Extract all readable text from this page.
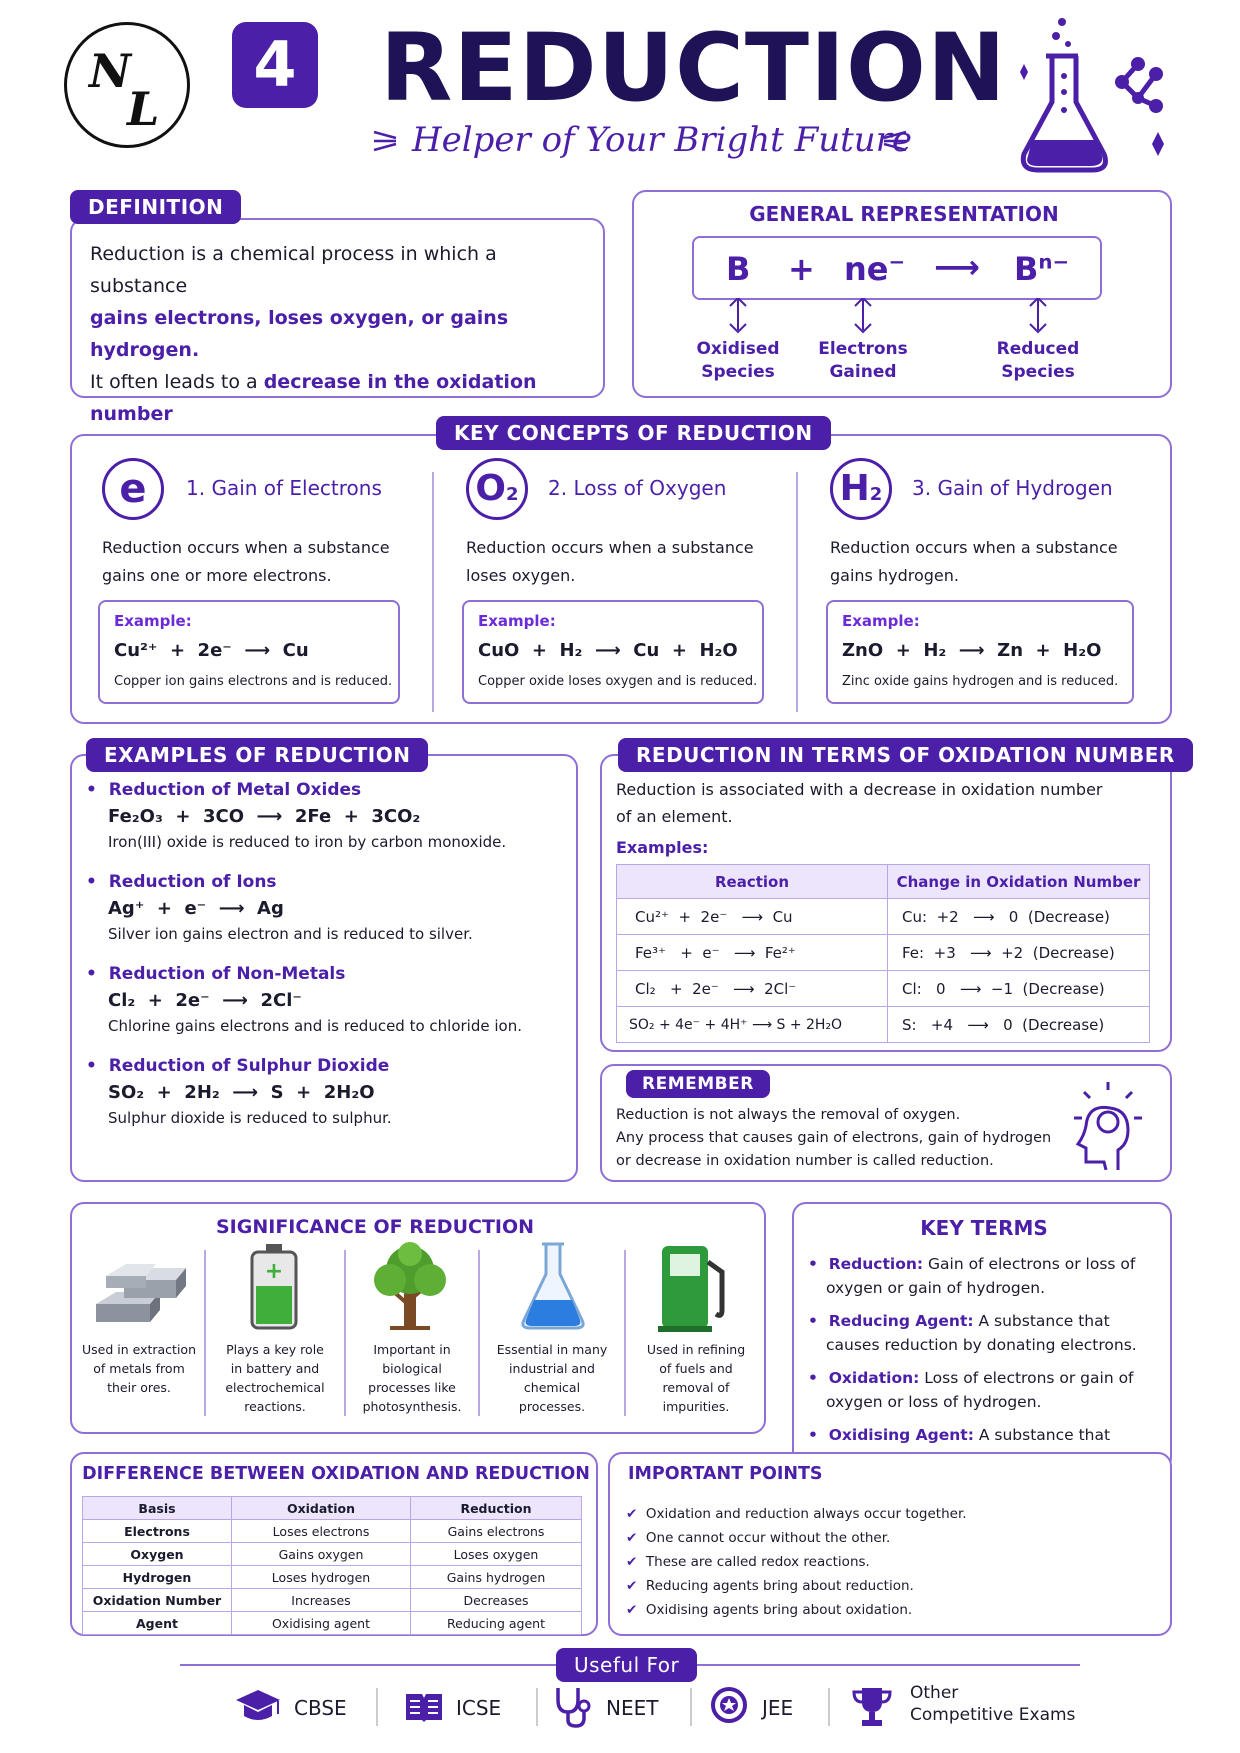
N
L
4 REDUCTION
Helper of Your Bright Future
Reduction is a chemical process in which a substance
gains electrons, loses oxygen, or gains hydrogen.
It often leads to a decrease in the oxidation number
DEFINITION	GENERAL REPRESENTATION
B + ne− ⟶ $B^{n-}$
Oxidised
Species
Electrons
Gained
Reduced
Species
KEY CONCEPTS OF REDUCTION
e	1. Gain of Electrons
Reduction occurs when a substance
gains one or more electrons.
Example:
Cu²⁺  +  2e⁻  ⟶  Cu
Copper ion gains electrons and is reduced.
O2	2. Loss of Oxygen
Reduction occurs when a substance
loses oxygen.
Example:
CuO  +  H₂  ⟶  Cu  +  H₂O
Copper oxide loses oxygen and is reduced.
H2	3. Gain of Hydrogen
Reduction occurs when a substance
gains hydrogen.
Example:
ZnO  +  H₂  ⟶  Zn  +  H₂O
Zinc oxide gains hydrogen and is reduced.
EXAMPLES OF REDUCTION
•  Reduction of Metal Oxides
Fe₂O₃  +  3CO  ⟶  2Fe  +  3CO₂
Iron(III) oxide is reduced to iron by carbon monoxide.
•  Reduction of Ions
Ag⁺  +  e⁻  ⟶  Ag
Silver ion gains electron and is reduced to silver.
•  Reduction of Non-Metals
Cl₂  +  2e⁻  ⟶  2Cl⁻
Chlorine gains electrons and is reduced to chloride ion.
•  Reduction of Sulphur Dioxide
SO₂  +  2H₂  ⟶  S  +  2H₂O
Sulphur dioxide is reduced to sulphur.
REDUCTION IN TERMS OF OXIDATION NUMBER
Reduction is associated with a decrease in oxidation number
of an element.
Examples:
Reaction	Change in Oxidation Number
Cu²⁺  +  2e⁻   ⟶  Cu	Cu:  +2   ⟶   0  (Decrease)
Fe³⁺   +  e⁻   ⟶  Fe²⁺	Fe:  +3   ⟶  +2  (Decrease)
Cl₂   +  2e⁻   ⟶  2Cl⁻	Cl:   0   ⟶  −1  (Decrease)
SO₂ + 4e⁻ + 4H⁺ ⟶ S + 2H₂O	S:   +4   ⟶   0  (Decrease)
REMEMBER
Reduction is not always the removal of oxygen.
Any process that causes gain of electrons, gain of hydrogen
or decrease in oxidation number is called reduction.
SIGNIFICANCE OF REDUCTION
Used in extraction
of metals from
their ores.
+
Plays a key role
in battery and
electrochemical
reactions.
Important in
biological
processes like
photosynthesis.
Essential in many
industrial and
chemical
processes.
Used in refining
of fuels and
removal of
impurities.
KEY TERMS
•  Reduction: Gain of electrons or loss of
oxygen or gain of hydrogen.
•  Reducing Agent: A substance that
causes reduction by donating electrons.
•  Oxidation: Loss of electrons or gain of
oxygen or loss of hydrogen.
•  Oxidising Agent: A substance that
DIFFERENCE BETWEEN OXIDATION AND REDUCTION
Basis	Oxidation	Reduction
Electrons	Loses electrons	Gains electrons
Oxygen	Gains oxygen	Loses oxygen
Hydrogen	Loses hydrogen	Gains hydrogen
Oxidation Number	Increases	Decreases
Agent	Oxidising agent	Reducing agent
IMPORTANT POINTS
✔ Oxidation and reduction always occur together.
✔ One cannot occur without the other.
✔ These are called redox reactions.
✔ Reducing agents bring about reduction.
✔ Oxidising agents bring about oxidation.
Useful For
CBSE	ICSE	NEET	JEE
Other
Competitive Exams
